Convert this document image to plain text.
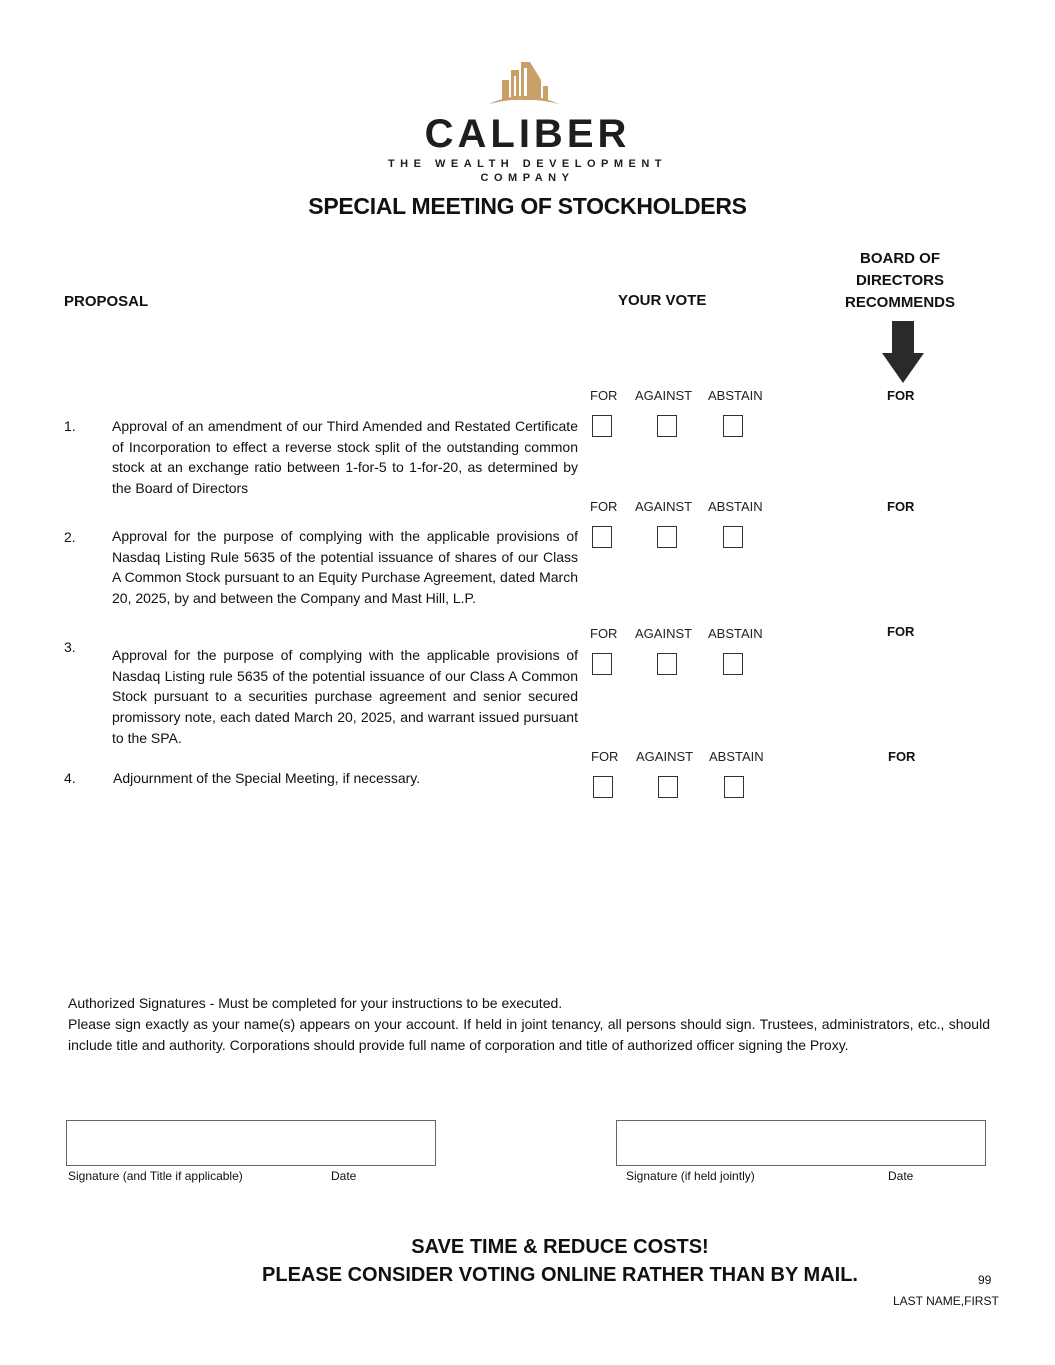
CALIBER
THE WEALTH DEVELOPMENT
COMPANY
SPECIAL MEETING OF STOCKHOLDERS
PROPOSAL	YOUR VOTE
BOARD OF
DIRECTORS
RECOMMENDS
FOR AGAINST ABSTAIN	FOR
1.	Approval of an amendment of our Third Amended and Restated Certificate of Incorporation to effect a reverse stock split of the outstanding common stock at an exchange ratio between 1-for-5 to 1-for-20, as determined by the Board of Directors
FOR AGAINST ABSTAIN	FOR
2.	Approval for the purpose of complying with the applicable provisions of Nasdaq Listing Rule 5635 of the potential issuance of shares of our Class A Common Stock pursuant to an Equity Purchase Agreement, dated March 20, 2025, by and between the Company and Mast Hill, L.P.
FOR AGAINST ABSTAIN	FOR
3.	Approval for the purpose of complying with the applicable provisions of Nasdaq Listing rule 5635 of the potential issuance of our Class A Common Stock pursuant to a securities purchase agreement and senior secured promissory note, each dated March 20, 2025, and warrant issued pursuant to the SPA.
FOR AGAINST ABSTAIN	FOR
4.	Adjournment of the Special Meeting, if necessary.
Authorized Signatures - Must be completed for your instructions to be executed.
Please sign exactly as your name(s) appears on your account. If held in joint tenancy, all persons should sign. Trustees, administrators, etc., should include title and authority. Corporations should provide full name of corporation and title of authorized officer signing the Proxy.
Signature (and Title if applicable)	Date	Signature (if held jointly)	Date
SAVE TIME & REDUCE COSTS!
PLEASE CONSIDER VOTING ONLINE RATHER THAN BY MAIL.	99
LAST NAME,FIRST
